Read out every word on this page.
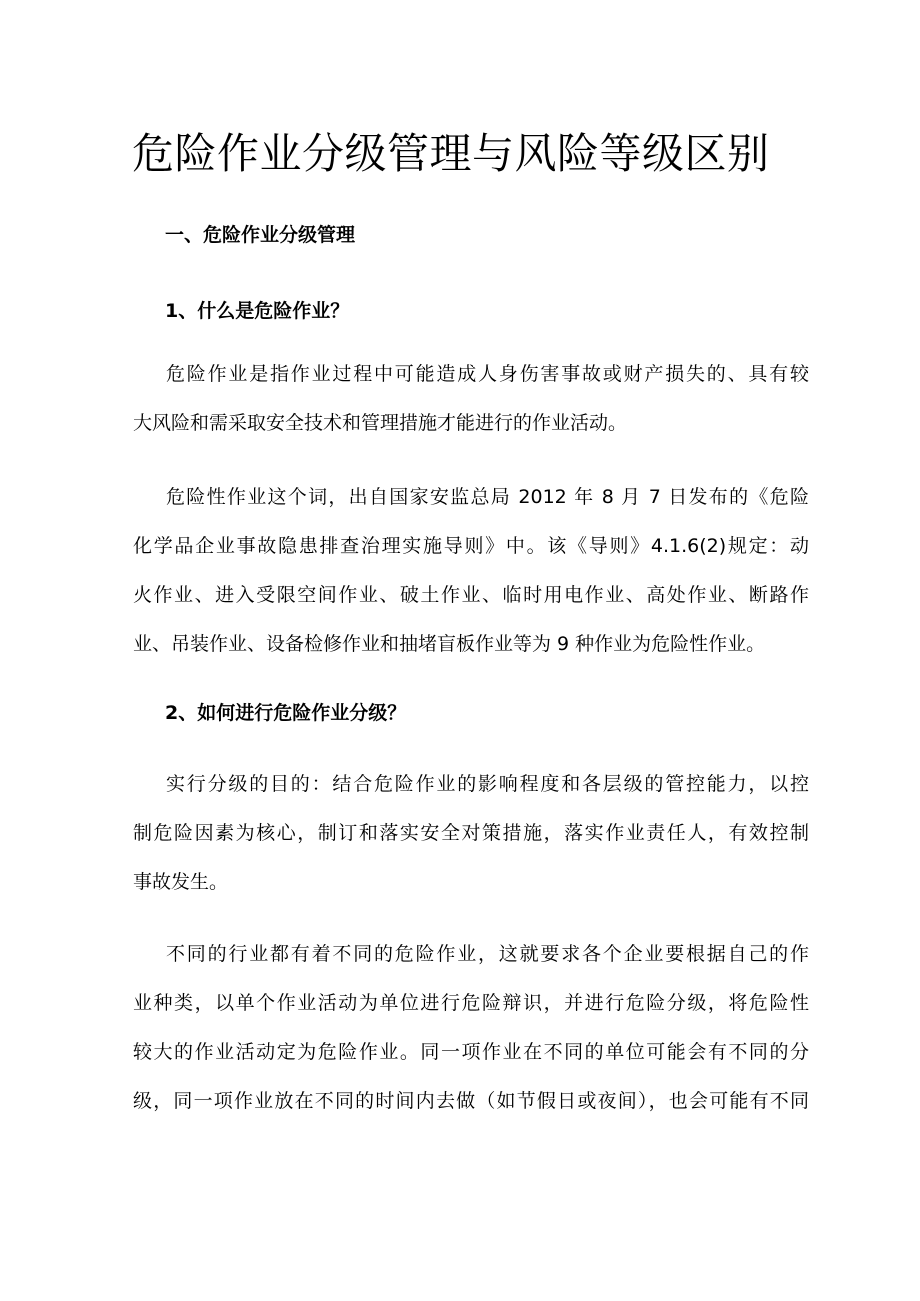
危险作业分级管理与风险等级区别
一、危险作业分级管理
1、什么是危险作业？
危险作业是指作业过程中可能造成人身伤害事故或财产损失的、具有较
大风险和需采取安全技术和管理措施才能进行的作业活动。
危险性作业这个词，出自国家安监总局 2012 年 8 月 7 日发布的《危险
化学品企业事故隐患排查治理实施导则》中。该《导则》4.1.6(2)规定：动
火作业、进入受限空间作业、破土作业、临时用电作业、高处作业、断路作
业、吊装作业、设备检修作业和抽堵盲板作业等为 9 种作业为危险性作业。
2、如何进行危险作业分级？
实行分级的目的：结合危险作业的影响程度和各层级的管控能力，以控
制危险因素为核心，制订和落实安全对策措施，落实作业责任人，有效控制
事故发生。
不同的行业都有着不同的危险作业，这就要求各个企业要根据自己的作
业种类，以单个作业活动为单位进行危险辩识，并进行危险分级，将危险性
较大的作业活动定为危险作业。同一项作业在不同的单位可能会有不同的分
级，同一项作业放在不同的时间内去做（如节假日或夜间），也会可能有不同
